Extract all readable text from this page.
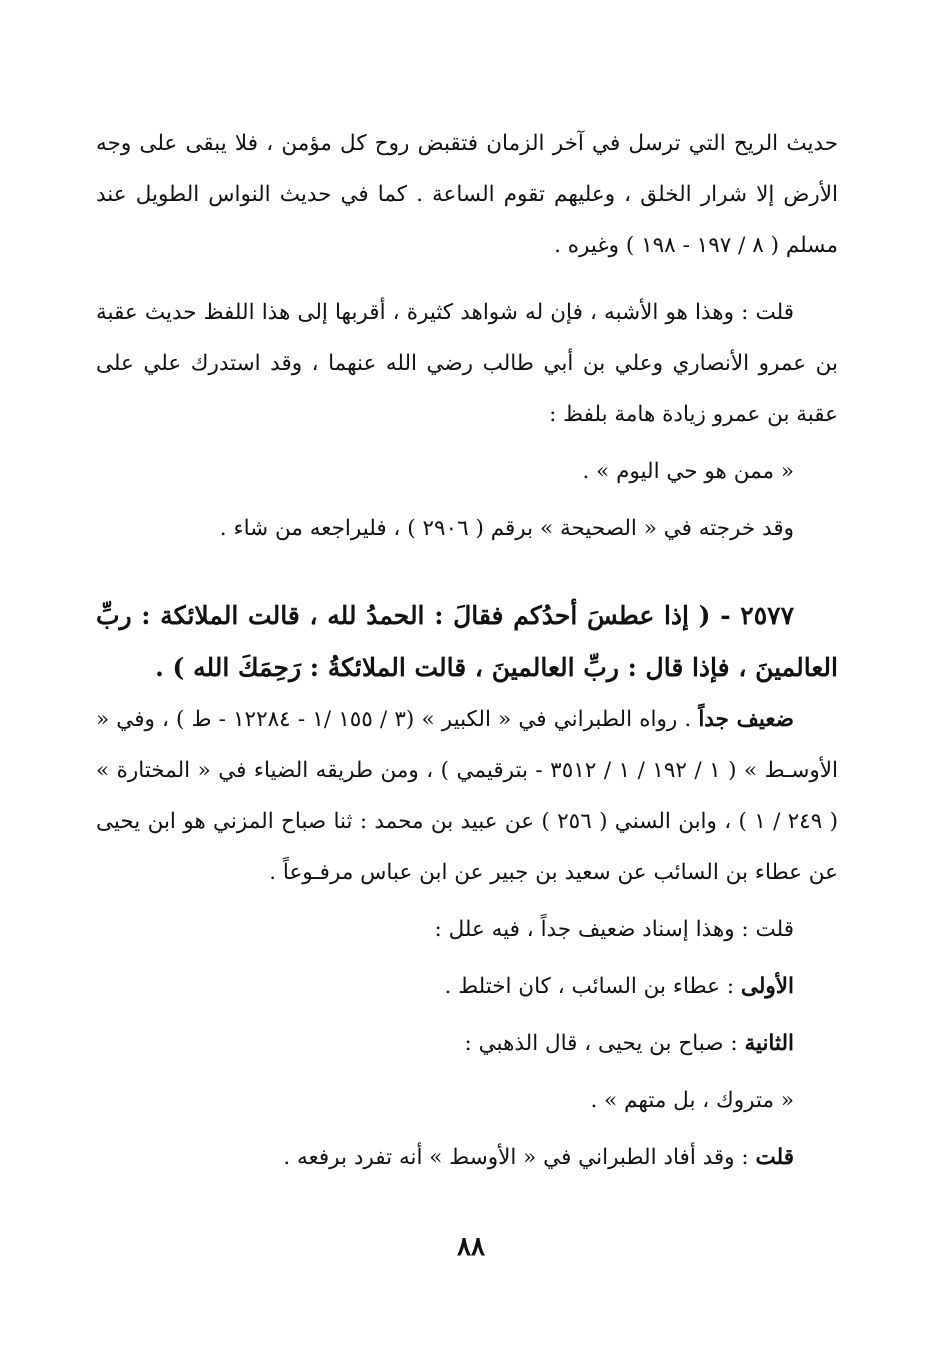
حديث الريح التي ترسل في آخر الزمان فتقبض روح كل مؤمن ، فلا يبقى على وجه الأرض إلا شرار الخلق ، وعليهم تقوم الساعة . كما في حديث النواس الطويل عند مسلم ( ٨ / ١٩٧ - ١٩٨ ) وغيره .

قلت : وهذا هو الأشبه ، فإن له شواهد كثيرة ، أقربها إلى هذا اللفظ حديث عقبة بن عمرو الأنصاري وعلي بن أبي طالب رضي الله عنهما ، وقد استدرك علي على عقبة بن عمرو زيادة هامة بلفظ :

« ممن هو حي اليوم » .

وقد خرجته في « الصحيحة » برقم ( ٢٩٠٦ ) ، فليراجعه من شاء .

٢٥٧٧ - ( إذا عطسَ أحدُكم فقالَ : الحمدُ لله ، قالت الملائكة : ربِّ العالمينَ ، فإذا قال : ربِّ العالمينَ ، قالت الملائكةُ : رَحِمَكَ الله ) .

ضعيف جداً . رواه الطبراني في « الكبير » (٣ / ١٥٥ /١ - ١٢٢٨٤ - ط ) ، وفي « الأوسـط » ( ١ / ١٩٢ / ١ / ٣٥١٢ - بترقيمي ) ، ومن طريقه الضياء في « المختارة » ( ٢٤٩ / ١ ) ، وابن السني ( ٢٥٦ ) عن عبيد بن محمد : ثنا صباح المزني هو ابن يحيى عن عطاء بن السائب عن سعيد بن جبير عن ابن عباس مرفـوعاً .

قلت : وهذا إسناد ضعيف جداً ، فيه علل :

الأولى : عطاء بن السائب ، كان اختلط .

الثانية : صباح بن يحيى ، قال الذهبي :

« متروك ، بل متهم » .

قلت : وقد أفاد الطبراني في « الأوسط » أنه تفرد برفعه .

٨٨
